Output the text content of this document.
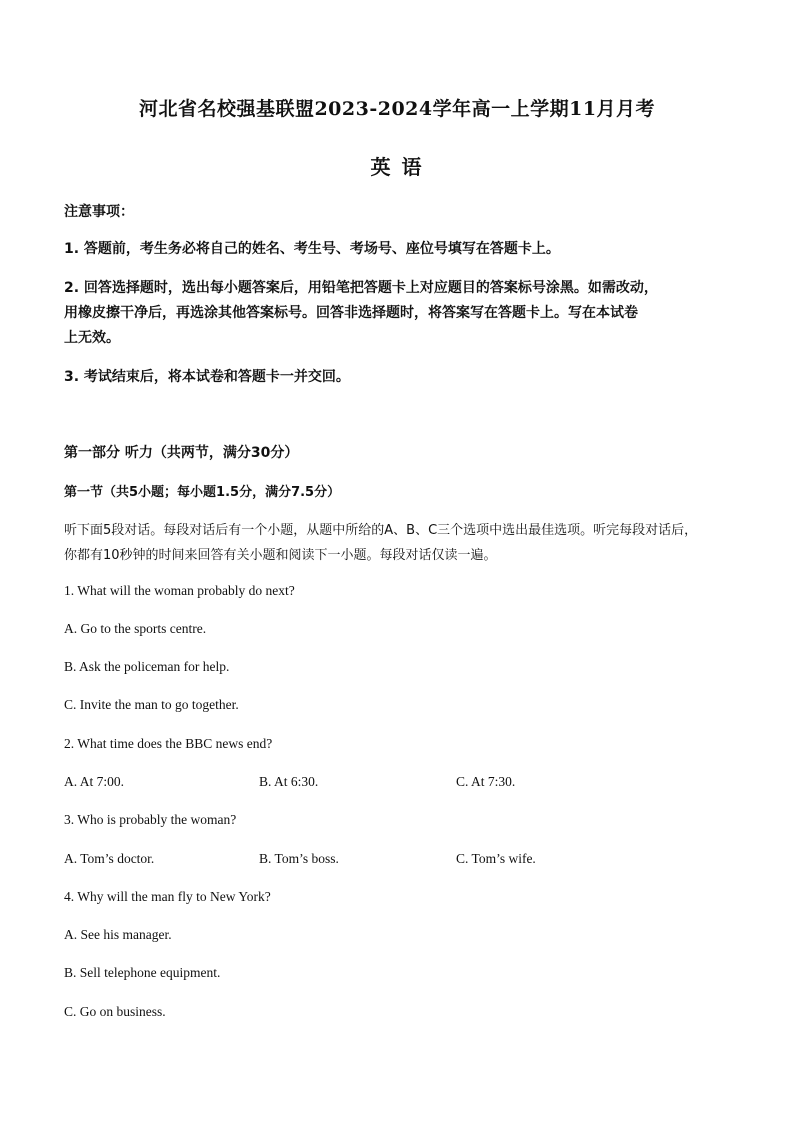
河北省名校强基联盟2023-2024学年高一上学期11月月考
英 语
注意事项：
1. 答题前，考生务必将自己的姓名、考生号、考场号、座位号填写在答题卡上。
2. 回答选择题时，选出每小题答案后，用铅笔把答题卡上对应题目的答案标号涂黑。如需改动，
用橡皮擦干净后，再选涂其他答案标号。回答非选择题时，将答案写在答题卡上。写在本试卷
上无效。
3. 考试结束后，将本试卷和答题卡一并交回。
第一部分 听力（共两节，满分30分）
第一节（共5小题；每小题1.5分，满分7.5分）
听下面5段对话。每段对话后有一个小题，从题中所给的A、B、C三个选项中选出最佳选项。听完每段对话后，
你都有10秒钟的时间来回答有关小题和阅读下一小题。每段对话仅读一遍。
1. What will the woman probably do next?
A. Go to the sports centre.
B. Ask the policeman for help.
C. Invite the man to go together.
2. What time does the BBC news end?
A. At 7:00.	B. At 6:30.	C. At 7:30.
3. Who is probably the woman?
A. Tom’s doctor.	B. Tom’s boss.	C. Tom’s wife.
4. Why will the man fly to New York?
A. See his manager.
B. Sell telephone equipment.
C. Go on business.
